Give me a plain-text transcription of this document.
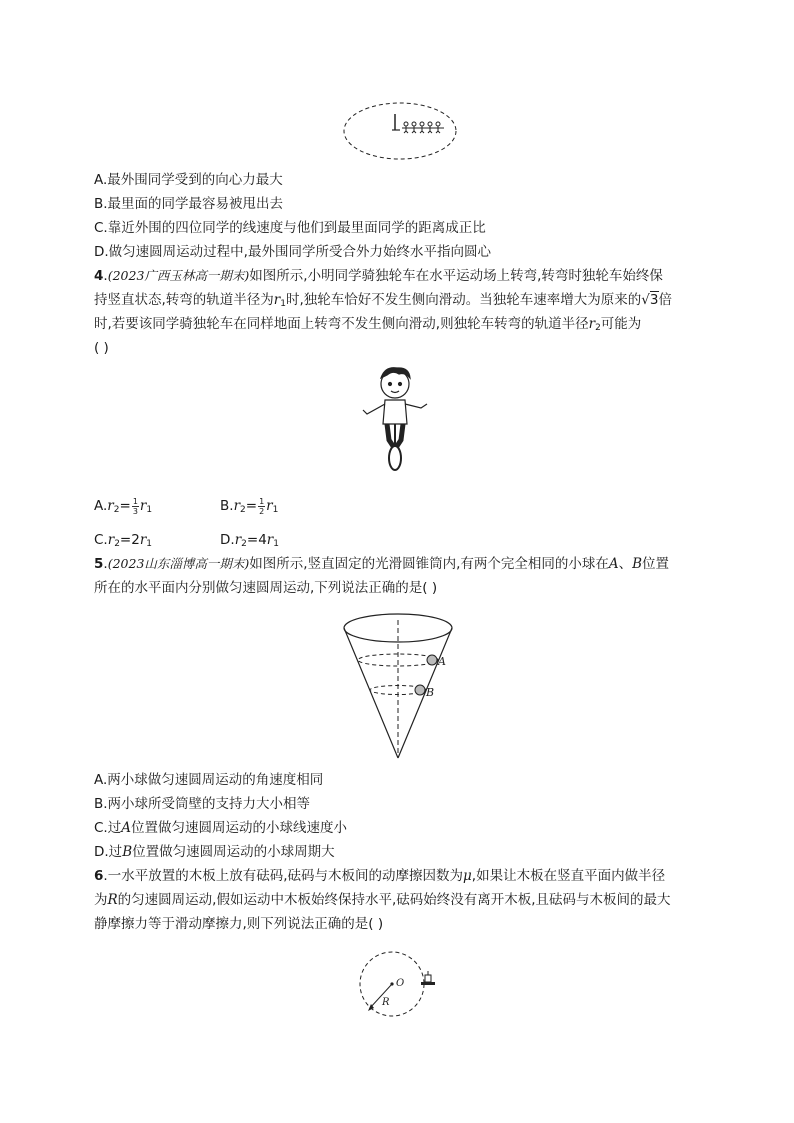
A.最外围同学受到的向心力最大
B.最里面的同学最容易被甩出去
C.靠近外围的四位同学的线速度与他们到最里面同学的距离成正比
D.做匀速圆周运动过程中,最外围同学所受合外力始终水平指向圆心
4.(2023广西玉林高一期末)如图所示,小明同学骑独轮车在水平运动场上转弯,转弯时独轮车始终保
持竖直状态,转弯的轨道半径为$r_1$时,独轮车恰好不发生侧向滑动。当独轮车速率增大为原来的√3倍
时,若要该同学骑独轮车在同样地面上转弯不发生侧向滑动,则独轮车转弯的轨道半径$r_2$可能为
( )
$A.r_2= \frac{1}{3} r_1$	$B.r_2= \frac{1}{2} r_1$
$C.r_2=2r_1$	$D.r_2=4r_1$
5.(2023山东淄博高一期末)如图所示,竖直固定的光滑圆锥筒内,有两个完全相同的小球在A、B位置
所在的水平面内分别做匀速圆周运动,下列说法正确的是( )
A
B
A.两小球做匀速圆周运动的角速度相同
B.两小球所受筒壁的支持力大小相等
C.过A位置做匀速圆周运动的小球线速度小
D.过B位置做匀速圆周运动的小球周期大
6.一水平放置的木板上放有砝码,砝码与木板间的动摩擦因数为μ,如果让木板在竖直平面内做半径
为R的匀速圆周运动,假如运动中木板始终保持水平,砝码始终没有离开木板,且砝码与木板间的最大
静摩擦力等于滑动摩擦力,则下列说法正确的是( )
O
R
